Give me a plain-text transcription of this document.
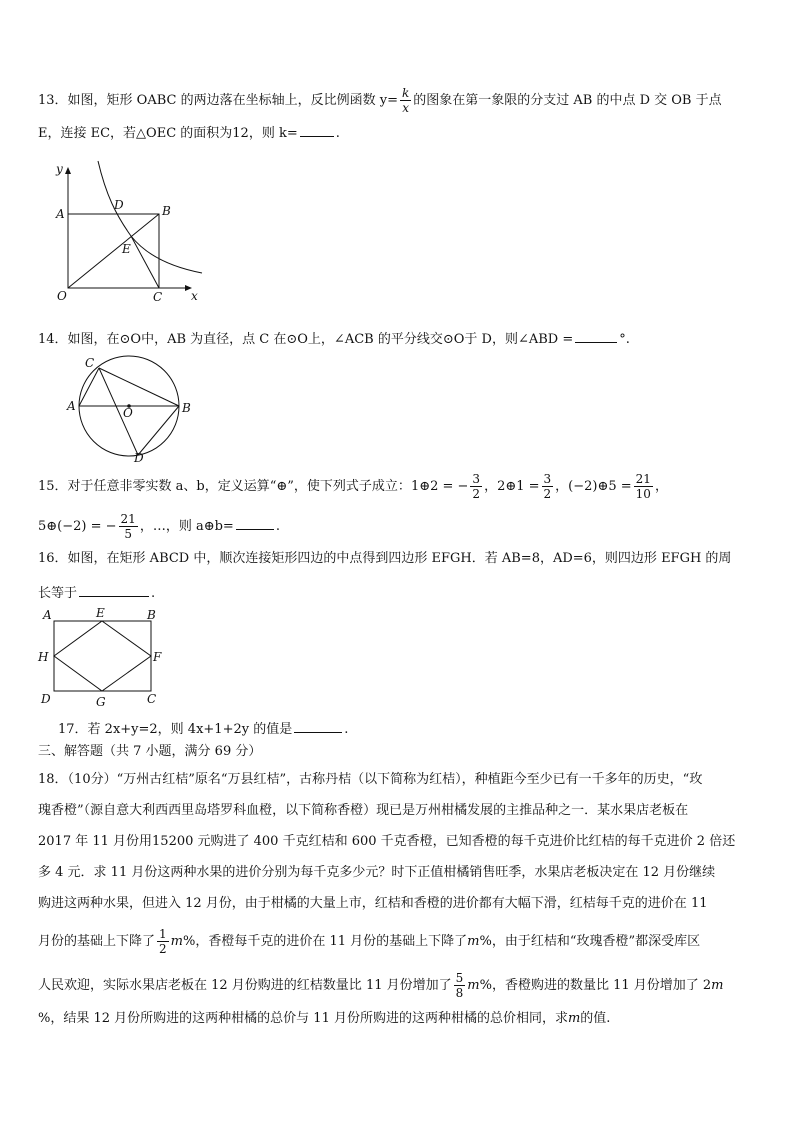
13．如图，矩形 OABC 的两边落在坐标轴上，反比例函数 $y= \frac{k}{x}$ 的图象在第一象限的分支过 AB 的中点 D 交 OB 于点
E，连接 EC，若△OEC 的面积为12，则 k=	.
y
x
A	B
C
D
E
O
14．如图，在⊙O中，AB 为直径，点 C 在⊙O上，∠ACB 的平分线交⊙O于 D，则∠ABD =	°.
C
A	B
O
D
15．对于任意非零实数 a、b，定义运算“⊕”，使下列式子成立：1⊕2 = − $\frac{3}{2}$ ，2⊕1 = $\frac{3}{2}$ ，(−2)⊕5 = $\frac{21}{10}$ ，
5⊕(−2) = − $\frac{21}{5}$ ，…，则 a⊕b=	.
16．如图，在矩形 ABCD 中，顺次连接矩形四边的中点得到四边形 EFGH．若 AB=8，AD=6，则四边形 EFGH 的周
长等于	.
A	E	B
H	F
D	G	C
17．若 2x+y=2，则 4x+1+2y 的值是	.
三、解答题（共 7 小题，满分 69 分）
18．（10分）“万州古红桔”原名“万县红桔”，古称丹桔（以下简称为红桔），种植距今至少已有一千多年的历史，“玫
瑰香橙”（源自意大利西西里岛塔罗科血橙，以下简称香橙）现已是万州柑橘发展的主推品种之一．某水果店老板在
2017 年 11 月份用15200 元购进了 400 千克红桔和 600 千克香橙，已知香橙的每千克进价比红桔的每千克进价 2 倍还
多 4 元．求 11 月份这两种水果的进价分别为每千克多少元？时下正值柑橘销售旺季，水果店老板决定在 12 月份继续
购进这两种水果，但进入 12 月份，由于柑橘的大量上市，红桔和香橙的进价都有大幅下滑，红桔每千克的进价在 11
月份的基础上下降了 $\frac{1}{2} m\%$，香橙每千克的进价在 11 月份的基础上下降了m%，由于红桔和“玫瑰香橙”都深受库区
人民欢迎，实际水果店老板在 12 月份购进的红桔数量比 11 月份增加了 $\frac{5}{8} m\%$，香橙购进的数量比 11 月份增加了 2m
%，结果 12 月份所购进的这两种柑橘的总价与 11 月份所购进的这两种柑橘的总价相同，求m的值.
